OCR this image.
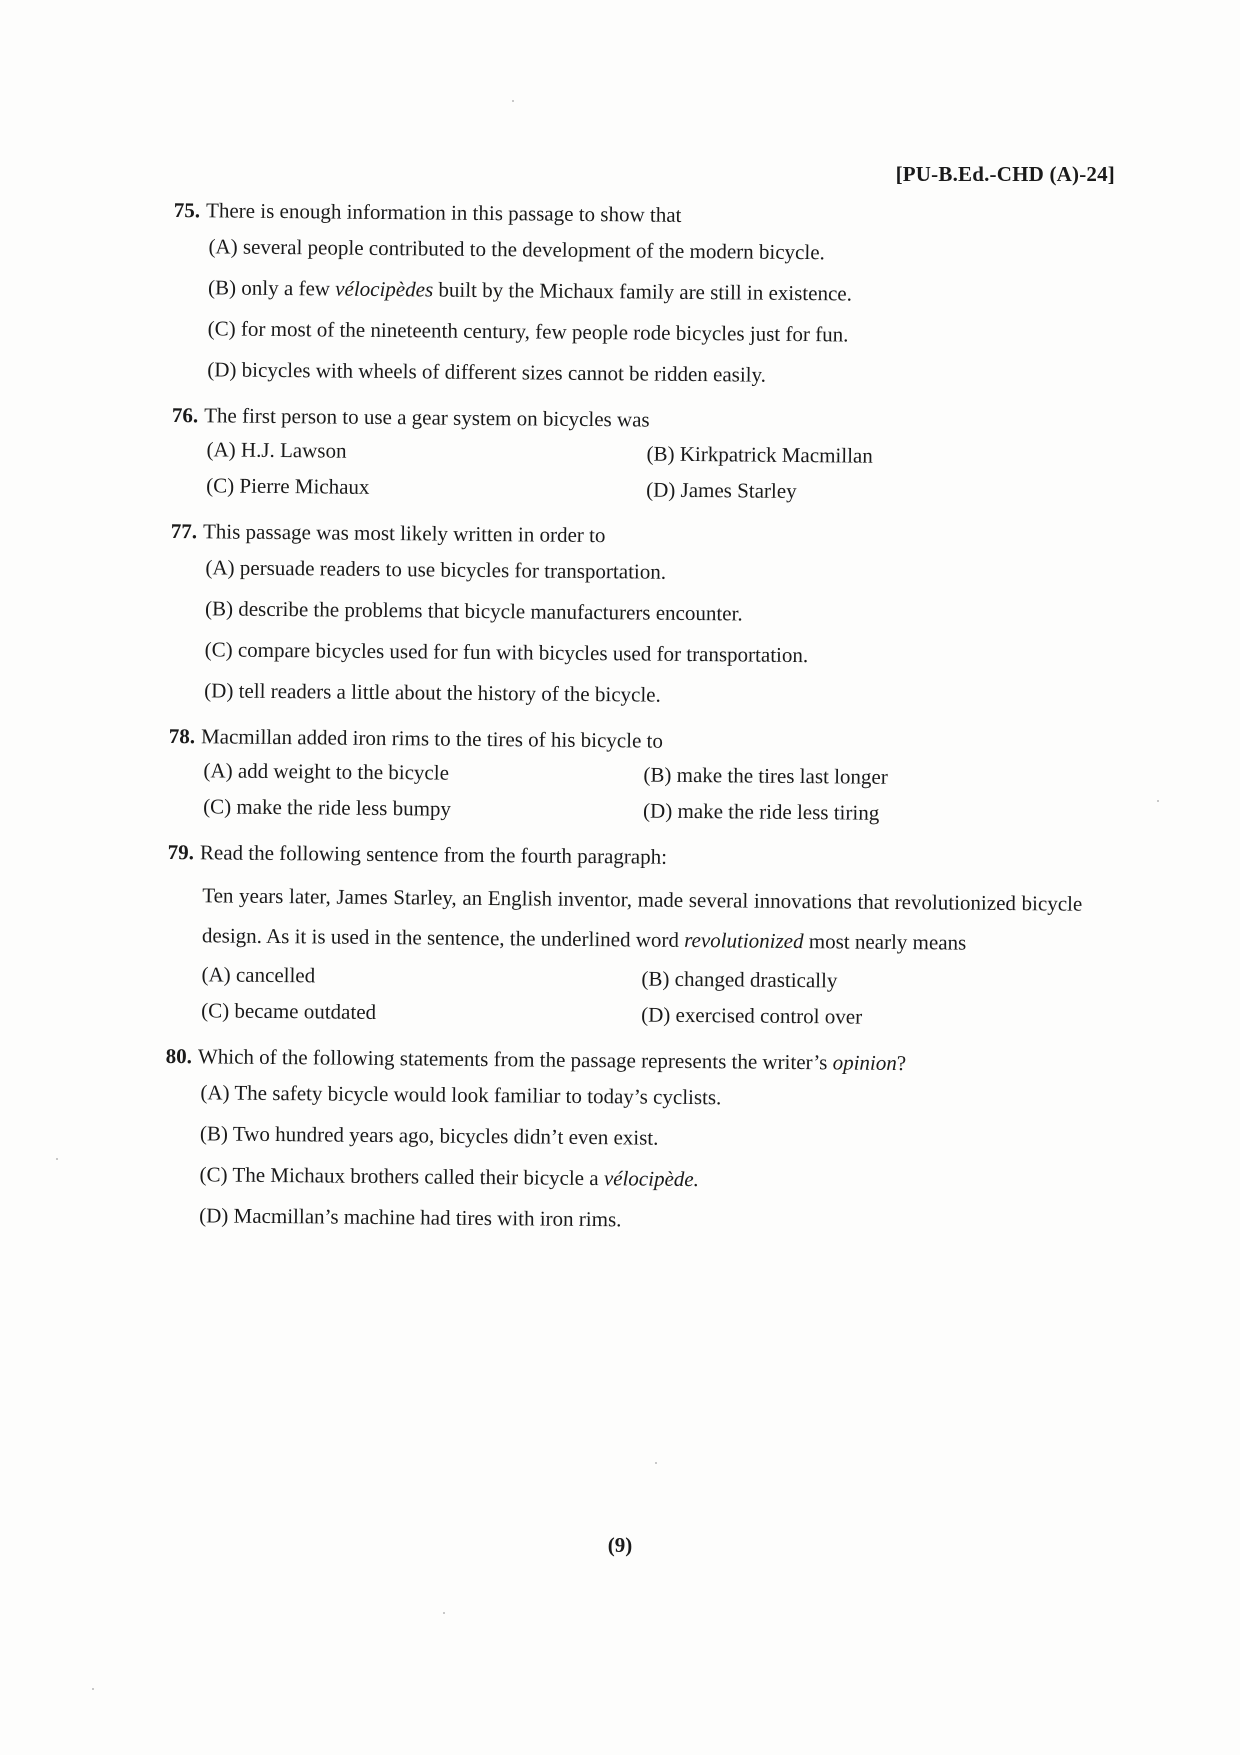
[PU-B.Ed.-CHD (A)-24]
75. There is enough information in this passage to show that
(A) several people contributed to the development of the modern bicycle.
(B) only a few vélocipèdes built by the Michaux family are still in existence.
(C) for most of the nineteenth century, few people rode bicycles just for fun.
(D) bicycles with wheels of different sizes cannot be ridden easily.
76. The first person to use a gear system on bicycles was
(A) H.J. Lawson	(B) Kirkpatrick Macmillan
(C) Pierre Michaux	(D) James Starley
77. This passage was most likely written in order to
(A) persuade readers to use bicycles for transportation.
(B) describe the problems that bicycle manufacturers encounter.
(C) compare bicycles used for fun with bicycles used for transportation.
(D) tell readers a little about the history of the bicycle.
78. Macmillan added iron rims to the tires of his bicycle to
(A) add weight to the bicycle	(B) make the tires last longer
(C) make the ride less bumpy	(D) make the ride less tiring
79. Read the following sentence from the fourth paragraph:
Ten years later, James Starley, an English inventor, made several innovations that revolutionized bicycle design. As it is used in the sentence, the underlined word revolutionized most nearly means
(A) cancelled	(B) changed drastically
(C) became outdated	(D) exercised control over
80. Which of the following statements from the passage represents the writer’s opinion?
(A) The safety bicycle would look familiar to today’s cyclists.
(B) Two hundred years ago, bicycles didn’t even exist.
(C) The Michaux brothers called their bicycle a vélocipède.
(D) Macmillan’s machine had tires with iron rims.
(9)
